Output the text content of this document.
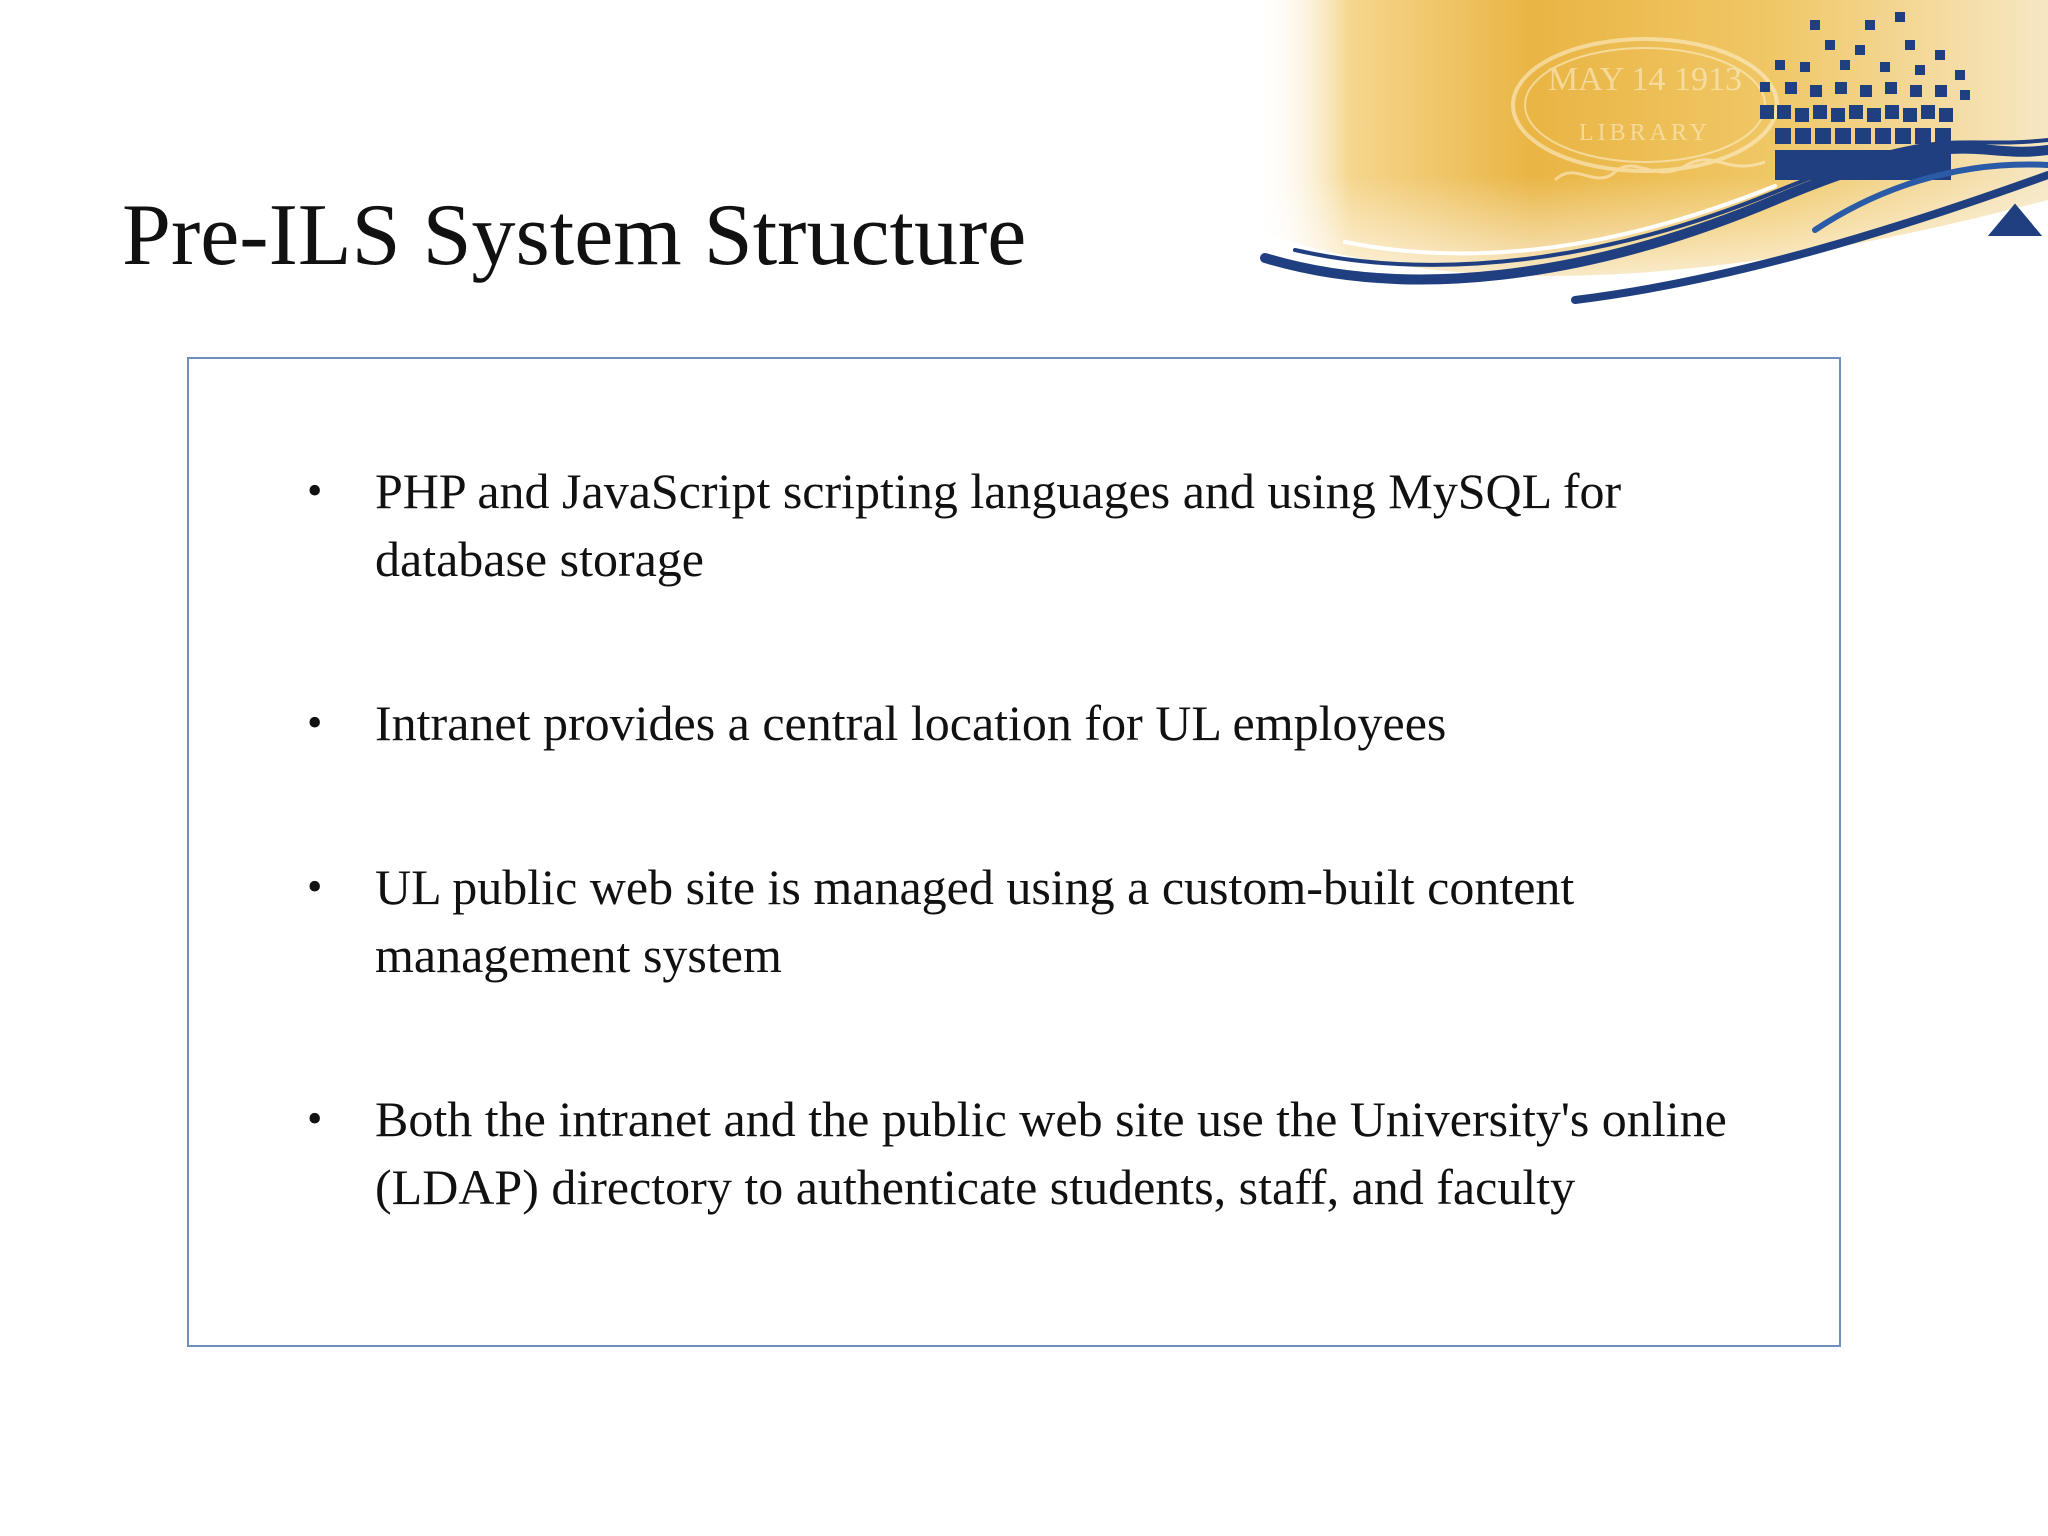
MAY 14 1913
LIBRARY
Pre-ILS System Structure
• PHP and JavaScript scripting languages and using MySQL for database storage
• Intranet provides a central location for UL employees
• UL public web site is managed using a custom-built content management system
• Both the intranet and the public web site use the University's online (LDAP) directory to authenticate students, staff, and faculty
